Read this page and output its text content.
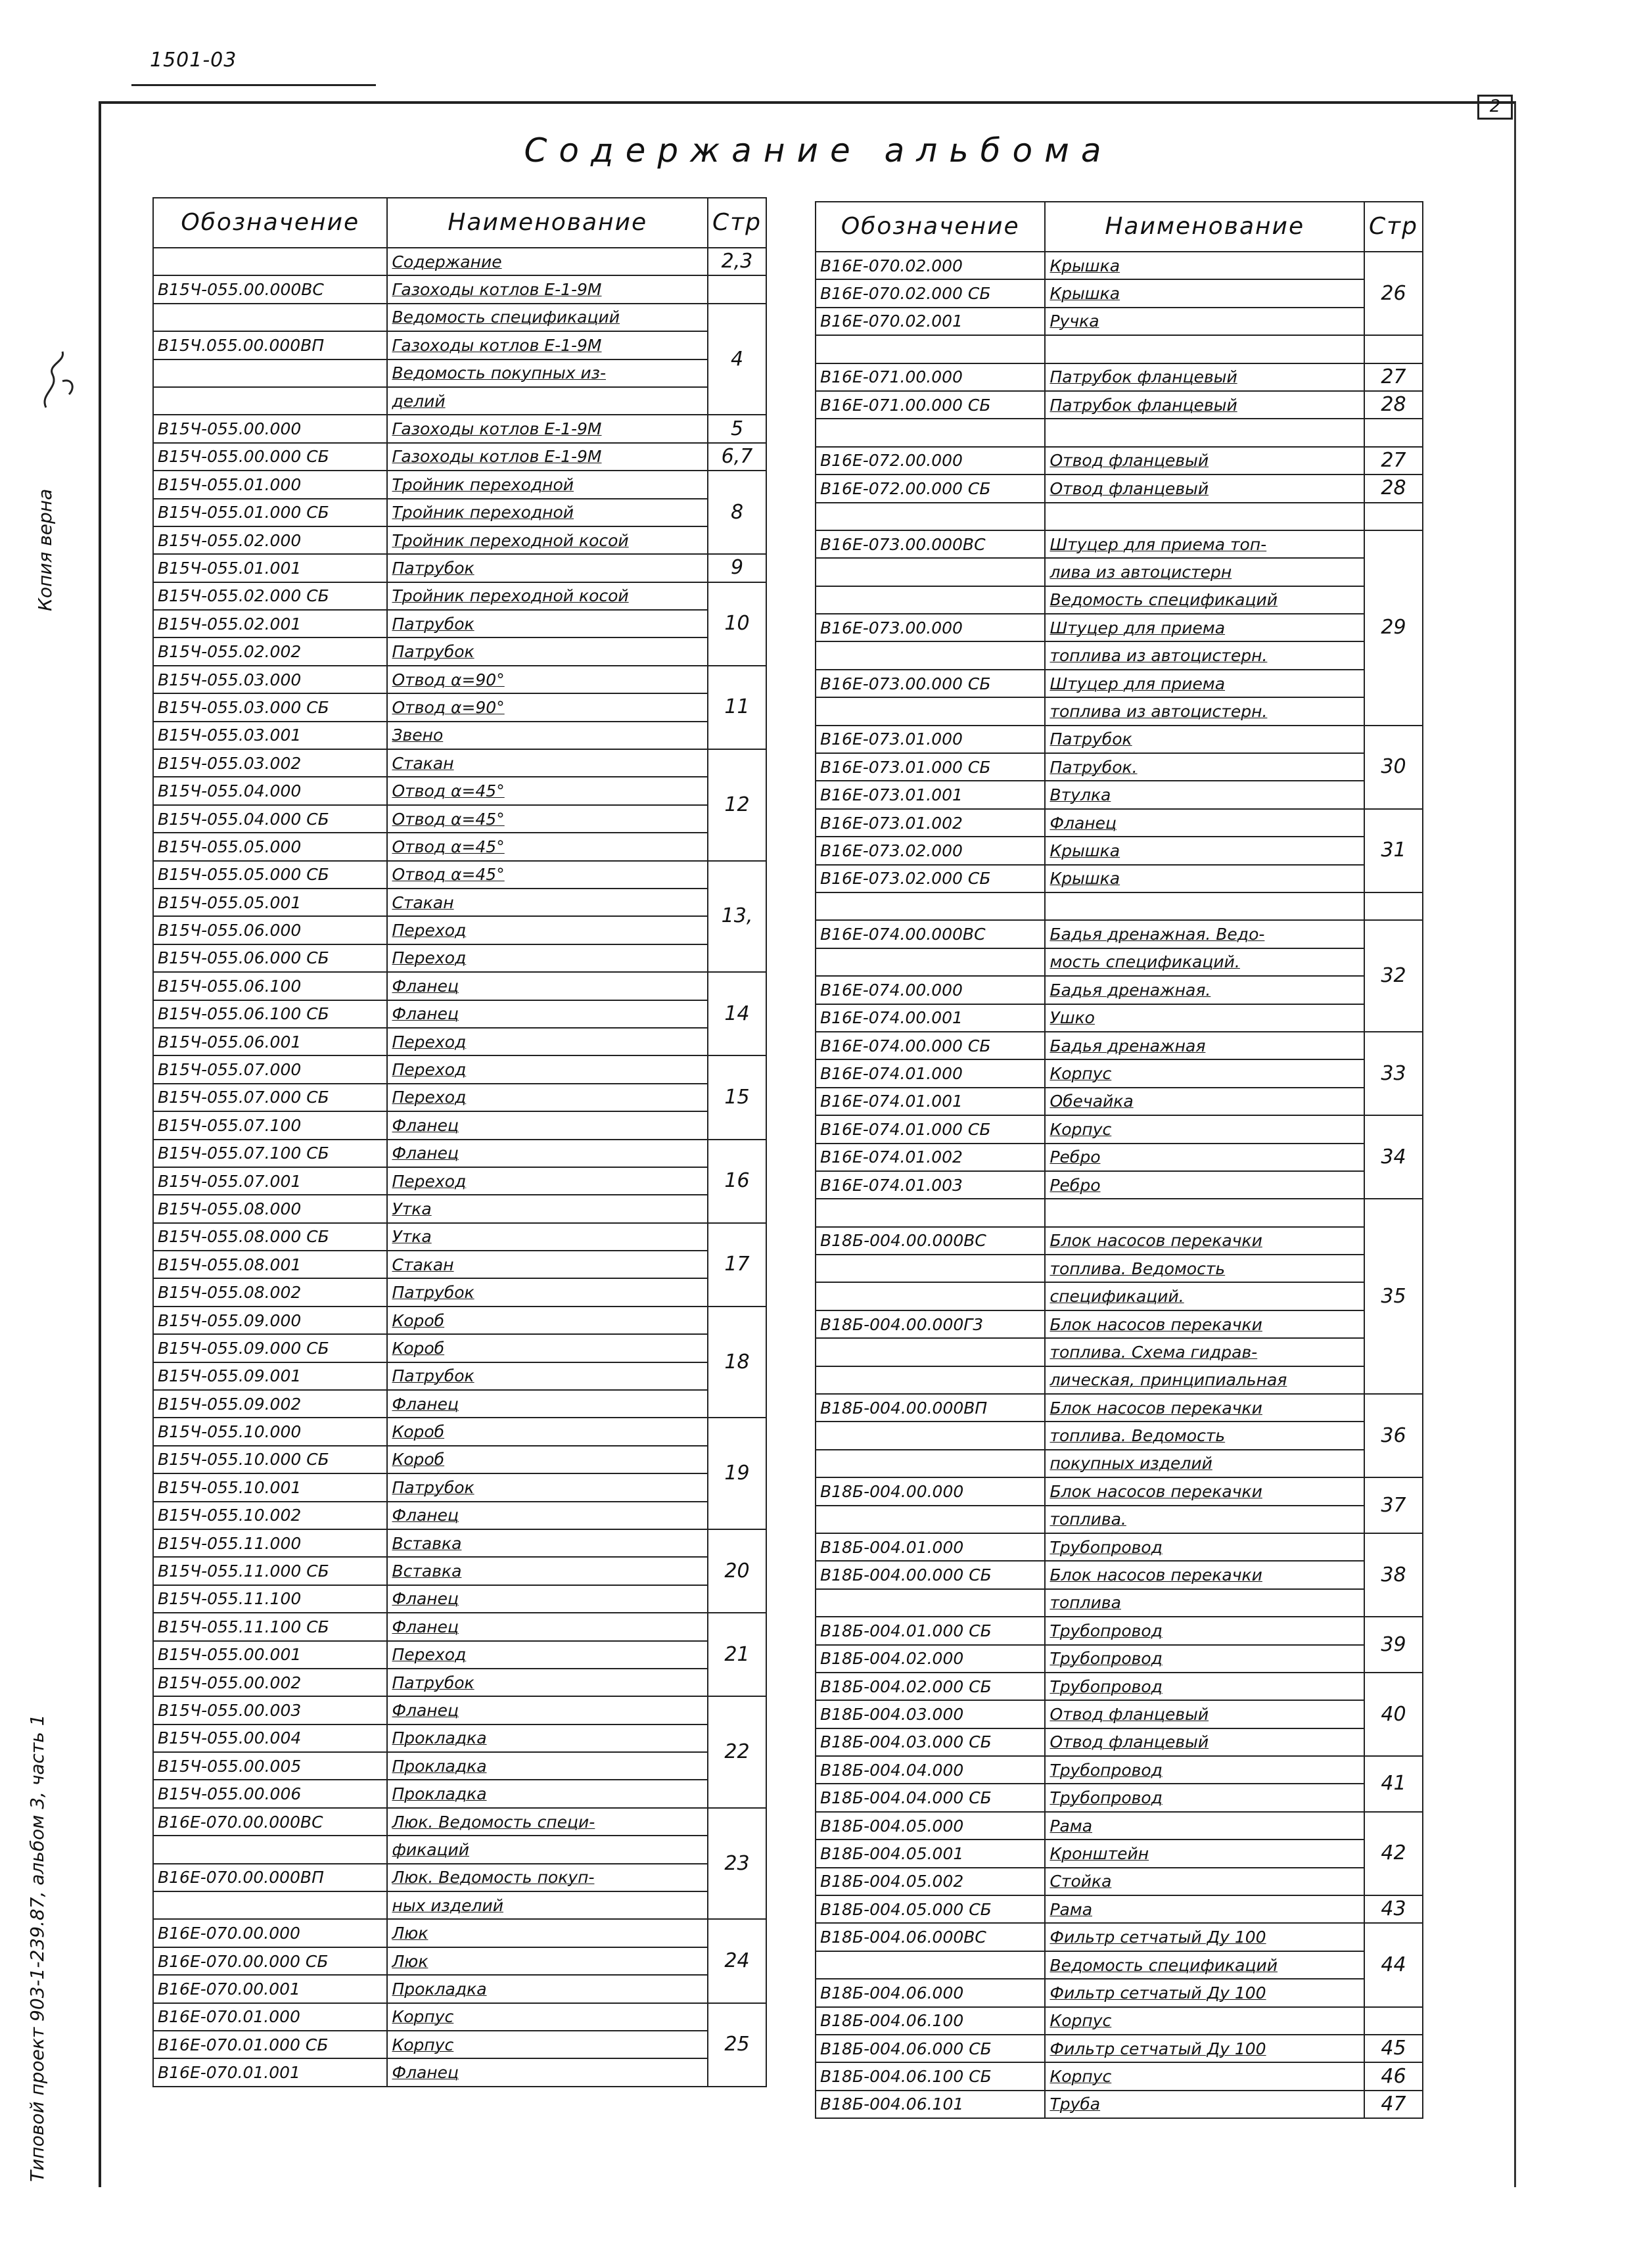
1501-03
2
Типовой проект 903-1-239.87, альбом 3, часть 1
Копия верна
Содержание альбома
Обозначение	Наименование	Стр
	Содержание	2,3
В15Ч-055.00.000ВС	Газоходы котлов Е-1-9М	
	Ведомость спецификаций	4
В15Ч.055.00.000ВП	Газоходы котлов Е-1-9М	
	Ведомость покупных из-	
	делий	
В15Ч-055.00.000	Газоходы котлов Е-1-9М	5
В15Ч-055.00.000 СБ	Газоходы котлов Е-1-9М	6,7
В15Ч-055.01.000	Тройник переходной	8
В15Ч-055.01.000 СБ	Тройник переходной	
В15Ч-055.02.000	Тройник переходной косой	
В15Ч-055.01.001	Патрубок	9
В15Ч-055.02.000 СБ	Тройник переходной косой	10
В15Ч-055.02.001	Патрубок	
В15Ч-055.02.002	Патрубок	
В15Ч-055.03.000	Отвод α=90°	11
В15Ч-055.03.000 СБ	Отвод α=90°	
В15Ч-055.03.001	Звено	
В15Ч-055.03.002	Стакан	12
В15Ч-055.04.000	Отвод α=45°	
В15Ч-055.04.000 СБ	Отвод α=45°	
В15Ч-055.05.000	Отвод α=45°	
В15Ч-055.05.000 СБ	Отвод α=45°	13,
В15Ч-055.05.001	Стакан	
В15Ч-055.06.000	Переход	
В15Ч-055.06.000 СБ	Переход	
В15Ч-055.06.100	Фланец	14
В15Ч-055.06.100 СБ	Фланец	
В15Ч-055.06.001	Переход	
В15Ч-055.07.000	Переход	15
В15Ч-055.07.000 СБ	Переход	
В15Ч-055.07.100	Фланец	
В15Ч-055.07.100 СБ	Фланец	16
В15Ч-055.07.001	Переход	
В15Ч-055.08.000	Утка	
В15Ч-055.08.000 СБ	Утка	17
В15Ч-055.08.001	Стакан	
В15Ч-055.08.002	Патрубок	
В15Ч-055.09.000	Короб	18
В15Ч-055.09.000 СБ	Короб	
В15Ч-055.09.001	Патрубок	
В15Ч-055.09.002	Фланец	
В15Ч-055.10.000	Короб	19
В15Ч-055.10.000 СБ	Короб	
В15Ч-055.10.001	Патрубок	
В15Ч-055.10.002	Фланец	
В15Ч-055.11.000	Вставка	20
В15Ч-055.11.000 СБ	Вставка	
В15Ч-055.11.100	Фланец	
В15Ч-055.11.100 СБ	Фланец	21
В15Ч-055.00.001	Переход	
В15Ч-055.00.002	Патрубок	
В15Ч-055.00.003	Фланец	22
В15Ч-055.00.004	Прокладка	
В15Ч-055.00.005	Прокладка	
В15Ч-055.00.006	Прокладка	
В16Е-070.00.000ВС	Люк. Ведомость специ-	23
	фикаций	
В16Е-070.00.000ВП	Люк. Ведомость покуп-	
	ных изделий	
В16Е-070.00.000	Люк	24
В16Е-070.00.000 СБ	Люк	
В16Е-070.00.001	Прокладка	
В16Е-070.01.000	Корпус	25
В16Е-070.01.000 СБ	Корпус	
В16Е-070.01.001	Фланец	
Обозначение	Наименование	Стр
В16Е-070.02.000	Крышка	26
В16Е-070.02.000 СБ	Крышка	
В16Е-070.02.001	Ручка	

В16Е-071.00.000	Патрубок фланцевый	27
В16Е-071.00.000 СБ	Патрубок фланцевый	28

В16Е-072.00.000	Отвод фланцевый	27
В16Е-072.00.000 СБ	Отвод фланцевый	28

В16Е-073.00.000ВС	Штуцер для приема топ-	29
	лива из автоцистерн	
	Ведомость спецификаций	
В16Е-073.00.000	Штуцер для приема	
	топлива из автоцистерн.	
В16Е-073.00.000 СБ	Штуцер для приема	
	топлива из автоцистерн.	
В16Е-073.01.000	Патрубок	30
В16Е-073.01.000 СБ	Патрубок.	
В16Е-073.01.001	Втулка	
В16Е-073.01.002	Фланец	31
В16Е-073.02.000	Крышка	
В16Е-073.02.000 СБ	Крышка	

В16Е-074.00.000ВС	Бадья дренажная. Ведо-	32
	мость спецификаций.	
В16Е-074.00.000	Бадья дренажная.	
В16Е-074.00.001	Ушко	
В16Е-074.00.000 СБ	Бадья дренажная	33
В16Е-074.01.000	Корпус	
В16Е-074.01.001	Обечайка	
В16Е-074.01.000 СБ	Корпус	34
В16Е-074.01.002	Ребро	
В16Е-074.01.003	Ребро	
		35
В18Б-004.00.000ВС	Блок насосов перекачки	
	топлива. Ведомость	
	спецификаций.	
В18Б-004.00.000Г3	Блок насосов перекачки	
	топлива. Схема гидрав-	
	лическая, принципиальная	
В18Б-004.00.000ВП	Блок насосов перекачки	36
	топлива. Ведомость	
	покупных изделий	
В18Б-004.00.000	Блок насосов перекачки	37
	топлива.	
В18Б-004.01.000	Трубопровод	38
В18Б-004.00.000 СБ	Блок насосов перекачки	
	топлива	
В18Б-004.01.000 СБ	Трубопровод	39
В18Б-004.02.000	Трубопровод	
В18Б-004.02.000 СБ	Трубопровод	40
В18Б-004.03.000	Отвод фланцевый	
В18Б-004.03.000 СБ	Отвод фланцевый	
В18Б-004.04.000	Трубопровод	41
В18Б-004.04.000 СБ	Трубопровод	
В18Б-004.05.000	Рама	42
В18Б-004.05.001	Кронштейн	
В18Б-004.05.002	Стойка	
В18Б-004.05.000 СБ	Рама	43
В18Б-004.06.000ВС	Фильтр сетчатый Ду 100	44
	Ведомость спецификаций	
В18Б-004.06.000	Фильтр сетчатый Ду 100	
В18Б-004.06.100	Корпус	
В18Б-004.06.000 СБ	Фильтр сетчатый Ду 100	45
В18Б-004.06.100 СБ	Корпус	46
В18Б-004.06.101	Труба	47
